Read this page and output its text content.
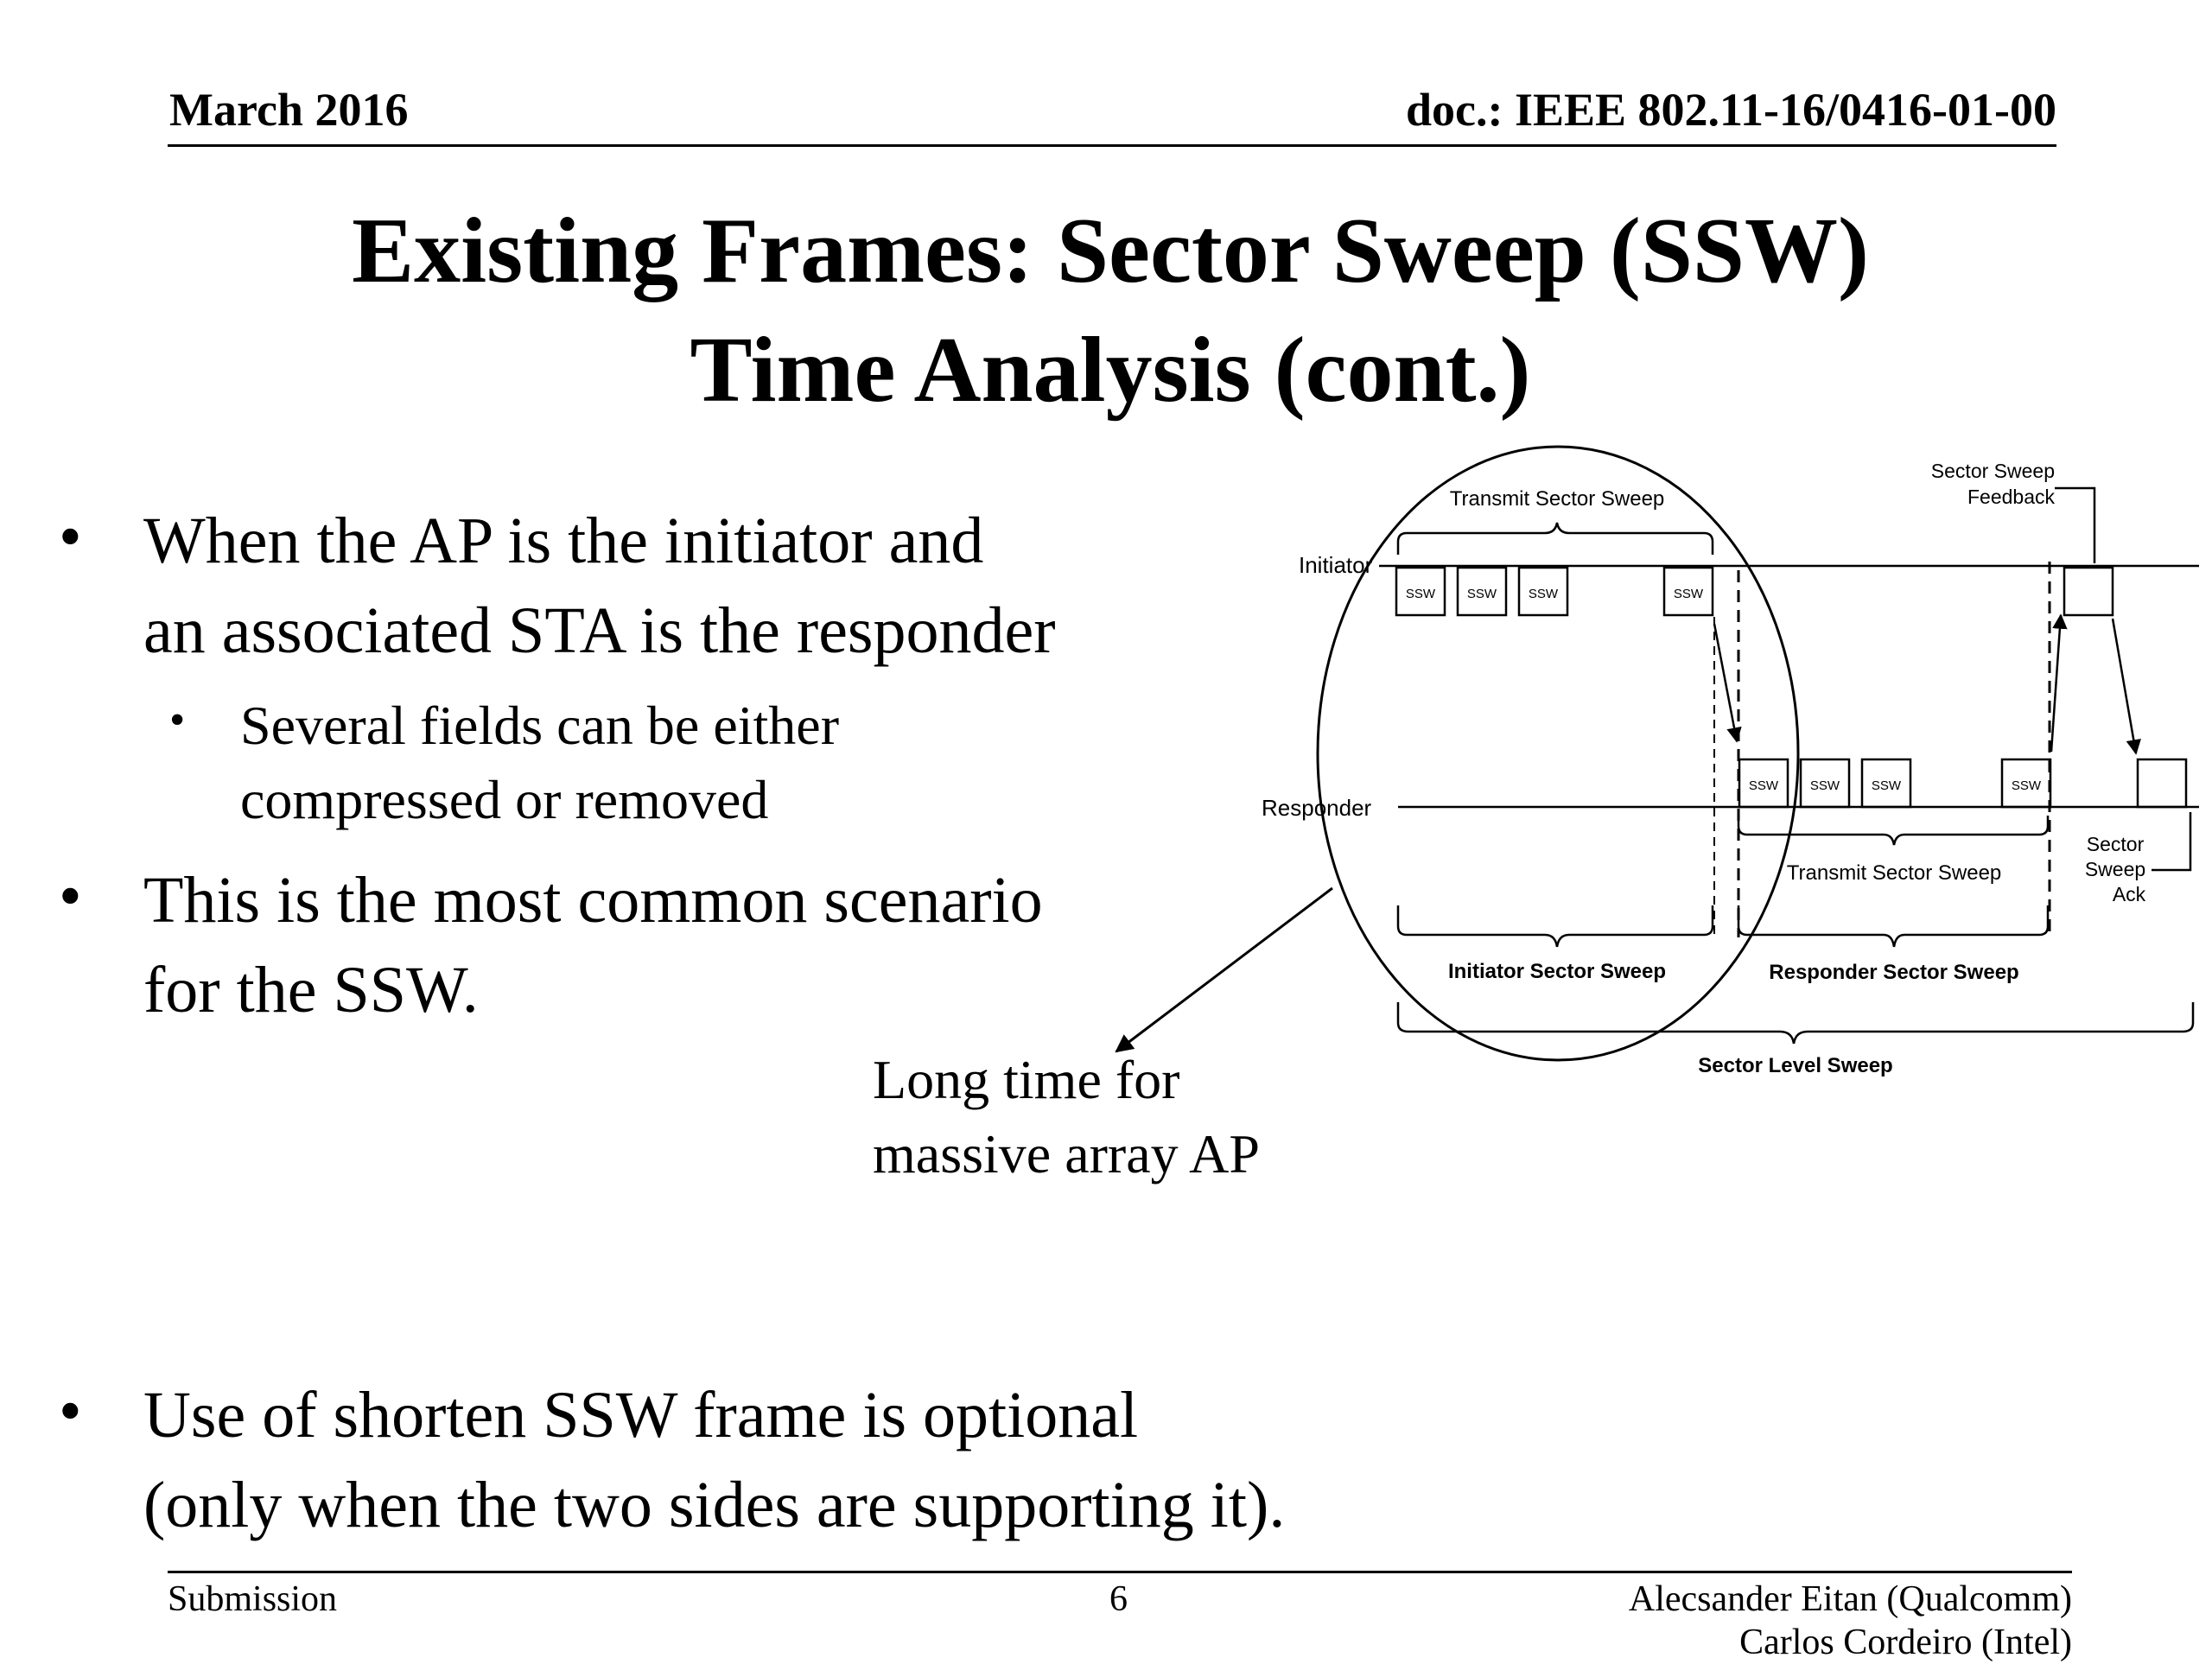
March 2016	doc.: IEEE 802.11-16/0416-01-00
Existing Frames: Sector Sweep (SSW)
Time Analysis (cont.)
• When the AP is the initiator and
an associated STA is the responder
• Several fields can be either
compressed or removed
• This is the most common scenario
for the SSW.
Long time for
massive array AP
• Use of shorten SSW frame is optional
(only when the two sides are supporting it).
Transmit Sector Sweep
Sector Sweep
Feedback
Initiator
Responder
SSW SSW SSW	SSW
SSW SSW SSW	SSW
Transmit Sector Sweep
Sector
Sweep
Ack
Initiator Sector Sweep	Responder Sector Sweep
Sector Level Sweep
Submission	6	Alecsander Eitan (Qualcomm)
Carlos Cordeiro (Intel)
